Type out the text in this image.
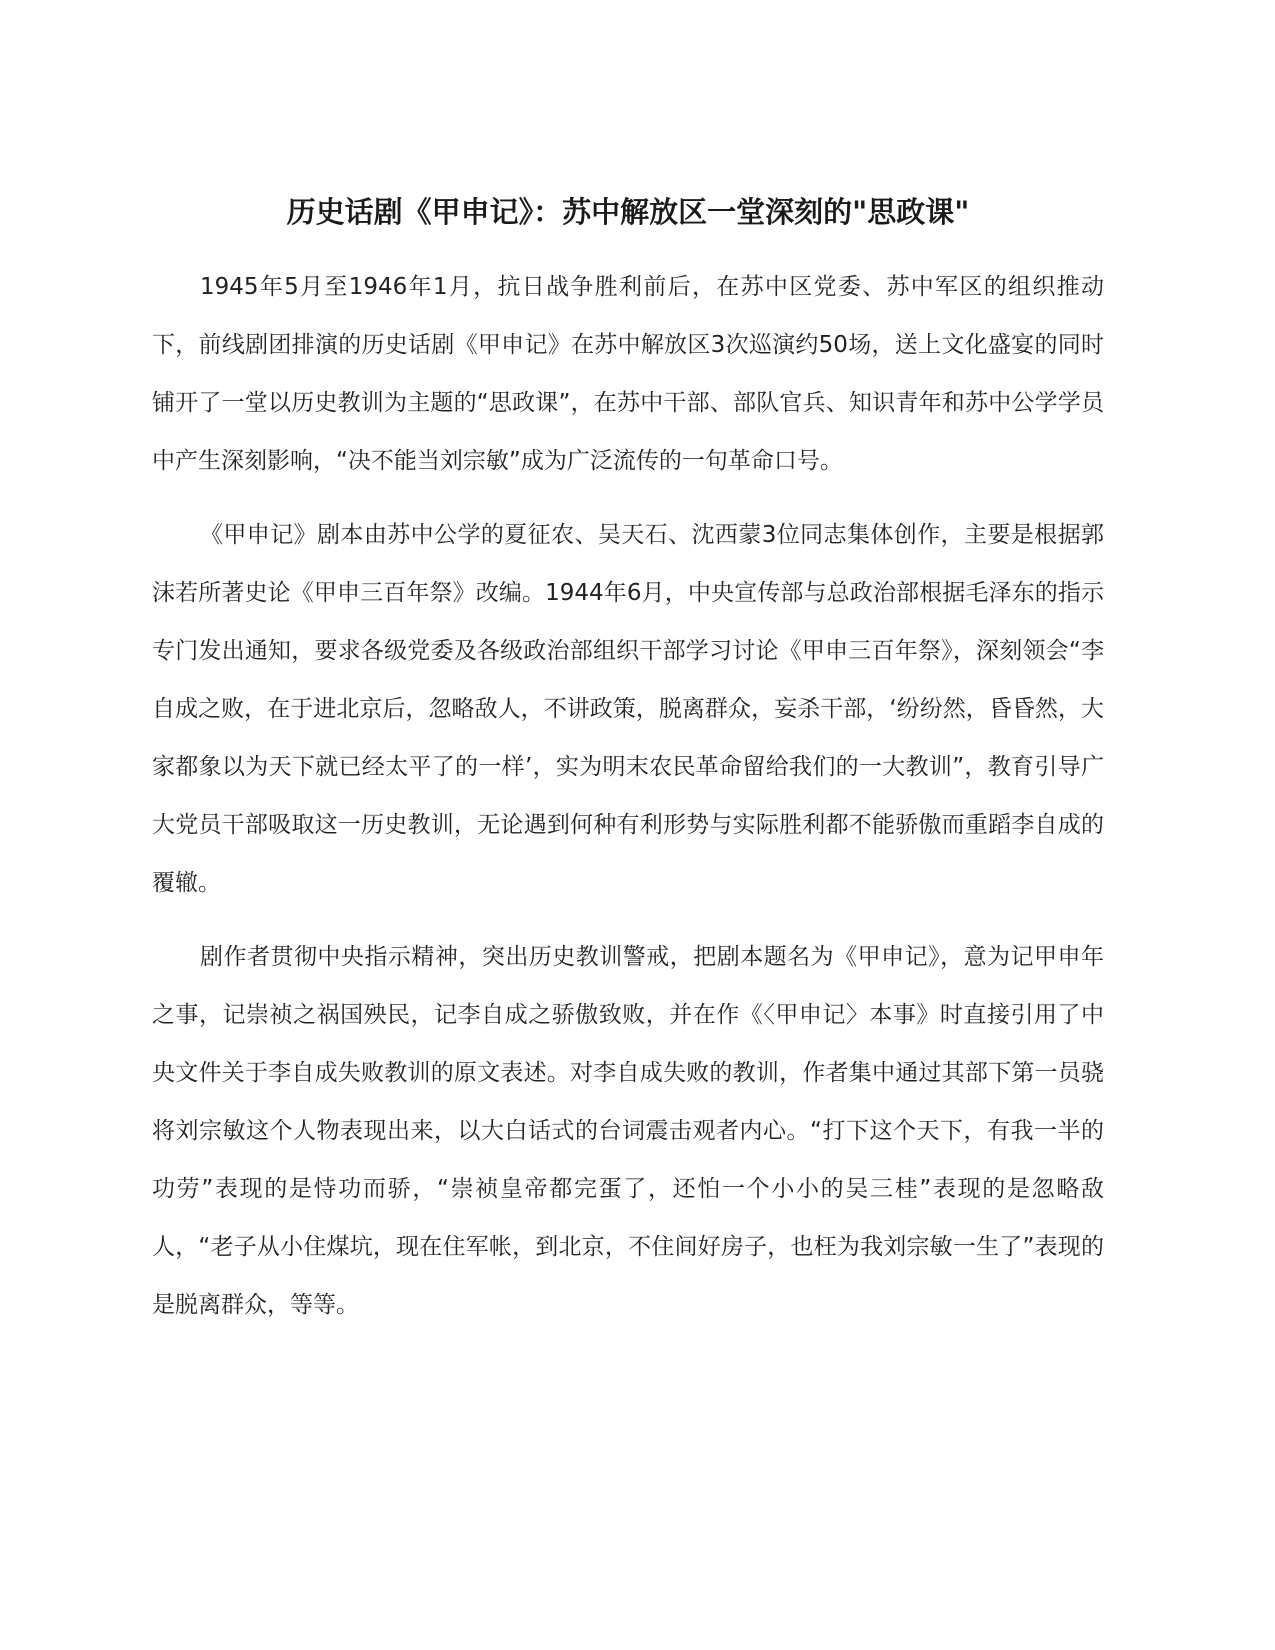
历史话剧《甲申记》：苏中解放区一堂深刻的"思政课"

1945年5月至1946年1月，抗日战争胜利前后，在苏中区党委、苏中军区的组织推动下，前线剧团排演的历史话剧《甲申记》在苏中解放区3次巡演约50场，送上文化盛宴的同时铺开了一堂以历史教训为主题的“思政课”，在苏中干部、部队官兵、知识青年和苏中公学学员中产生深刻影响，“决不能当刘宗敏”成为广泛流传的一句革命口号。

《甲申记》剧本由苏中公学的夏征农、吴天石、沈西蒙3位同志集体创作，主要是根据郭沫若所著史论《甲申三百年祭》改编。1944年6月，中央宣传部与总政治部根据毛泽东的指示专门发出通知，要求各级党委及各级政治部组织干部学习讨论《甲申三百年祭》，深刻领会“李自成之败，在于进北京后，忽略敌人，不讲政策，脱离群众，妄杀干部，‘纷纷然，昏昏然，大家都象以为天下就已经太平了的一样’，实为明末农民革命留给我们的一大教训”，教育引导广大党员干部吸取这一历史教训，无论遇到何种有利形势与实际胜利都不能骄傲而重蹈李自成的覆辙。

剧作者贯彻中央指示精神，突出历史教训警戒，把剧本题名为《甲申记》，意为记甲申年之事，记崇祯之祸国殃民，记李自成之骄傲致败，并在作《〈甲申记〉本事》时直接引用了中央文件关于李自成失败教训的原文表述。对李自成失败的教训，作者集中通过其部下第一员骁将刘宗敏这个人物表现出来，以大白话式的台词震击观者内心。“打下这个天下，有我一半的功劳”表现的是恃功而骄，“崇祯皇帝都完蛋了，还怕一个小小的吴三桂”表现的是忽略敌人，“老子从小住煤坑，现在住军帐，到北京，不住间好房子，也枉为我刘宗敏一生了”表现的是脱离群众，等等。
